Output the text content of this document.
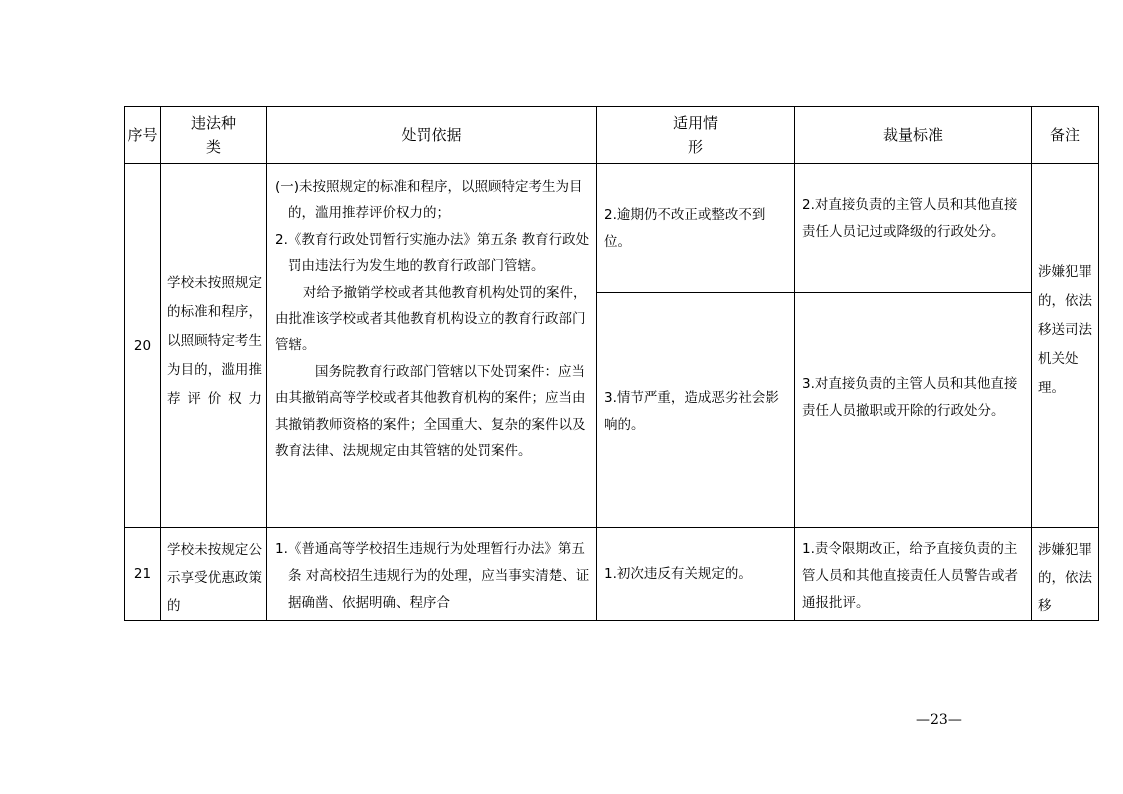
序号	违法种类	处罚依据	适用情形	裁量标准	备注
20	学校未按照规定的标准和程序，以照顾特定考生为目的，滥用推荐评价权力	(一)未按照规定的标准和程序，以照顾特定考生为目的，滥用推荐评价权力的；
2.《教育行政处罚暂行实施办法》第五条 教育行政处罚由违法行为发生地的教育行政部门管辖。
对给予撤销学校或者其他教育机构处罚的案件，由批准该学校或者其他教育机构设立的教育行政部门管辖。
国务院教育行政部门管辖以下处罚案件：应当由其撤销高等学校或者其他教育机构的案件；应当由其撤销教师资格的案件；全国重大、复杂的案件以及教育法律、法规规定由其管辖的处罚案件。	2.逾期仍不改正或整改不到位。	2.对直接负责的主管人员和其他直接责任人员记过或降级的行政处分。	涉嫌犯罪的，依法移送司法机关处理。
			3.情节严重，造成恶劣社会影响的。	3.对直接负责的主管人员和其他直接责任人员撤职或开除的行政处分。	
21	学校未按规定公示享受优惠政策的	1.《普通高等学校招生违规行为处理暂行办法》第五条 对高校招生违规行为的处理，应当事实清楚、证据确凿、依据明确、程序合	1.初次违反有关规定的。	1.责令限期改正，给予直接负责的主管人员和其他直接责任人员警告或者通报批评。	涉嫌犯罪的，依法移
—23—
